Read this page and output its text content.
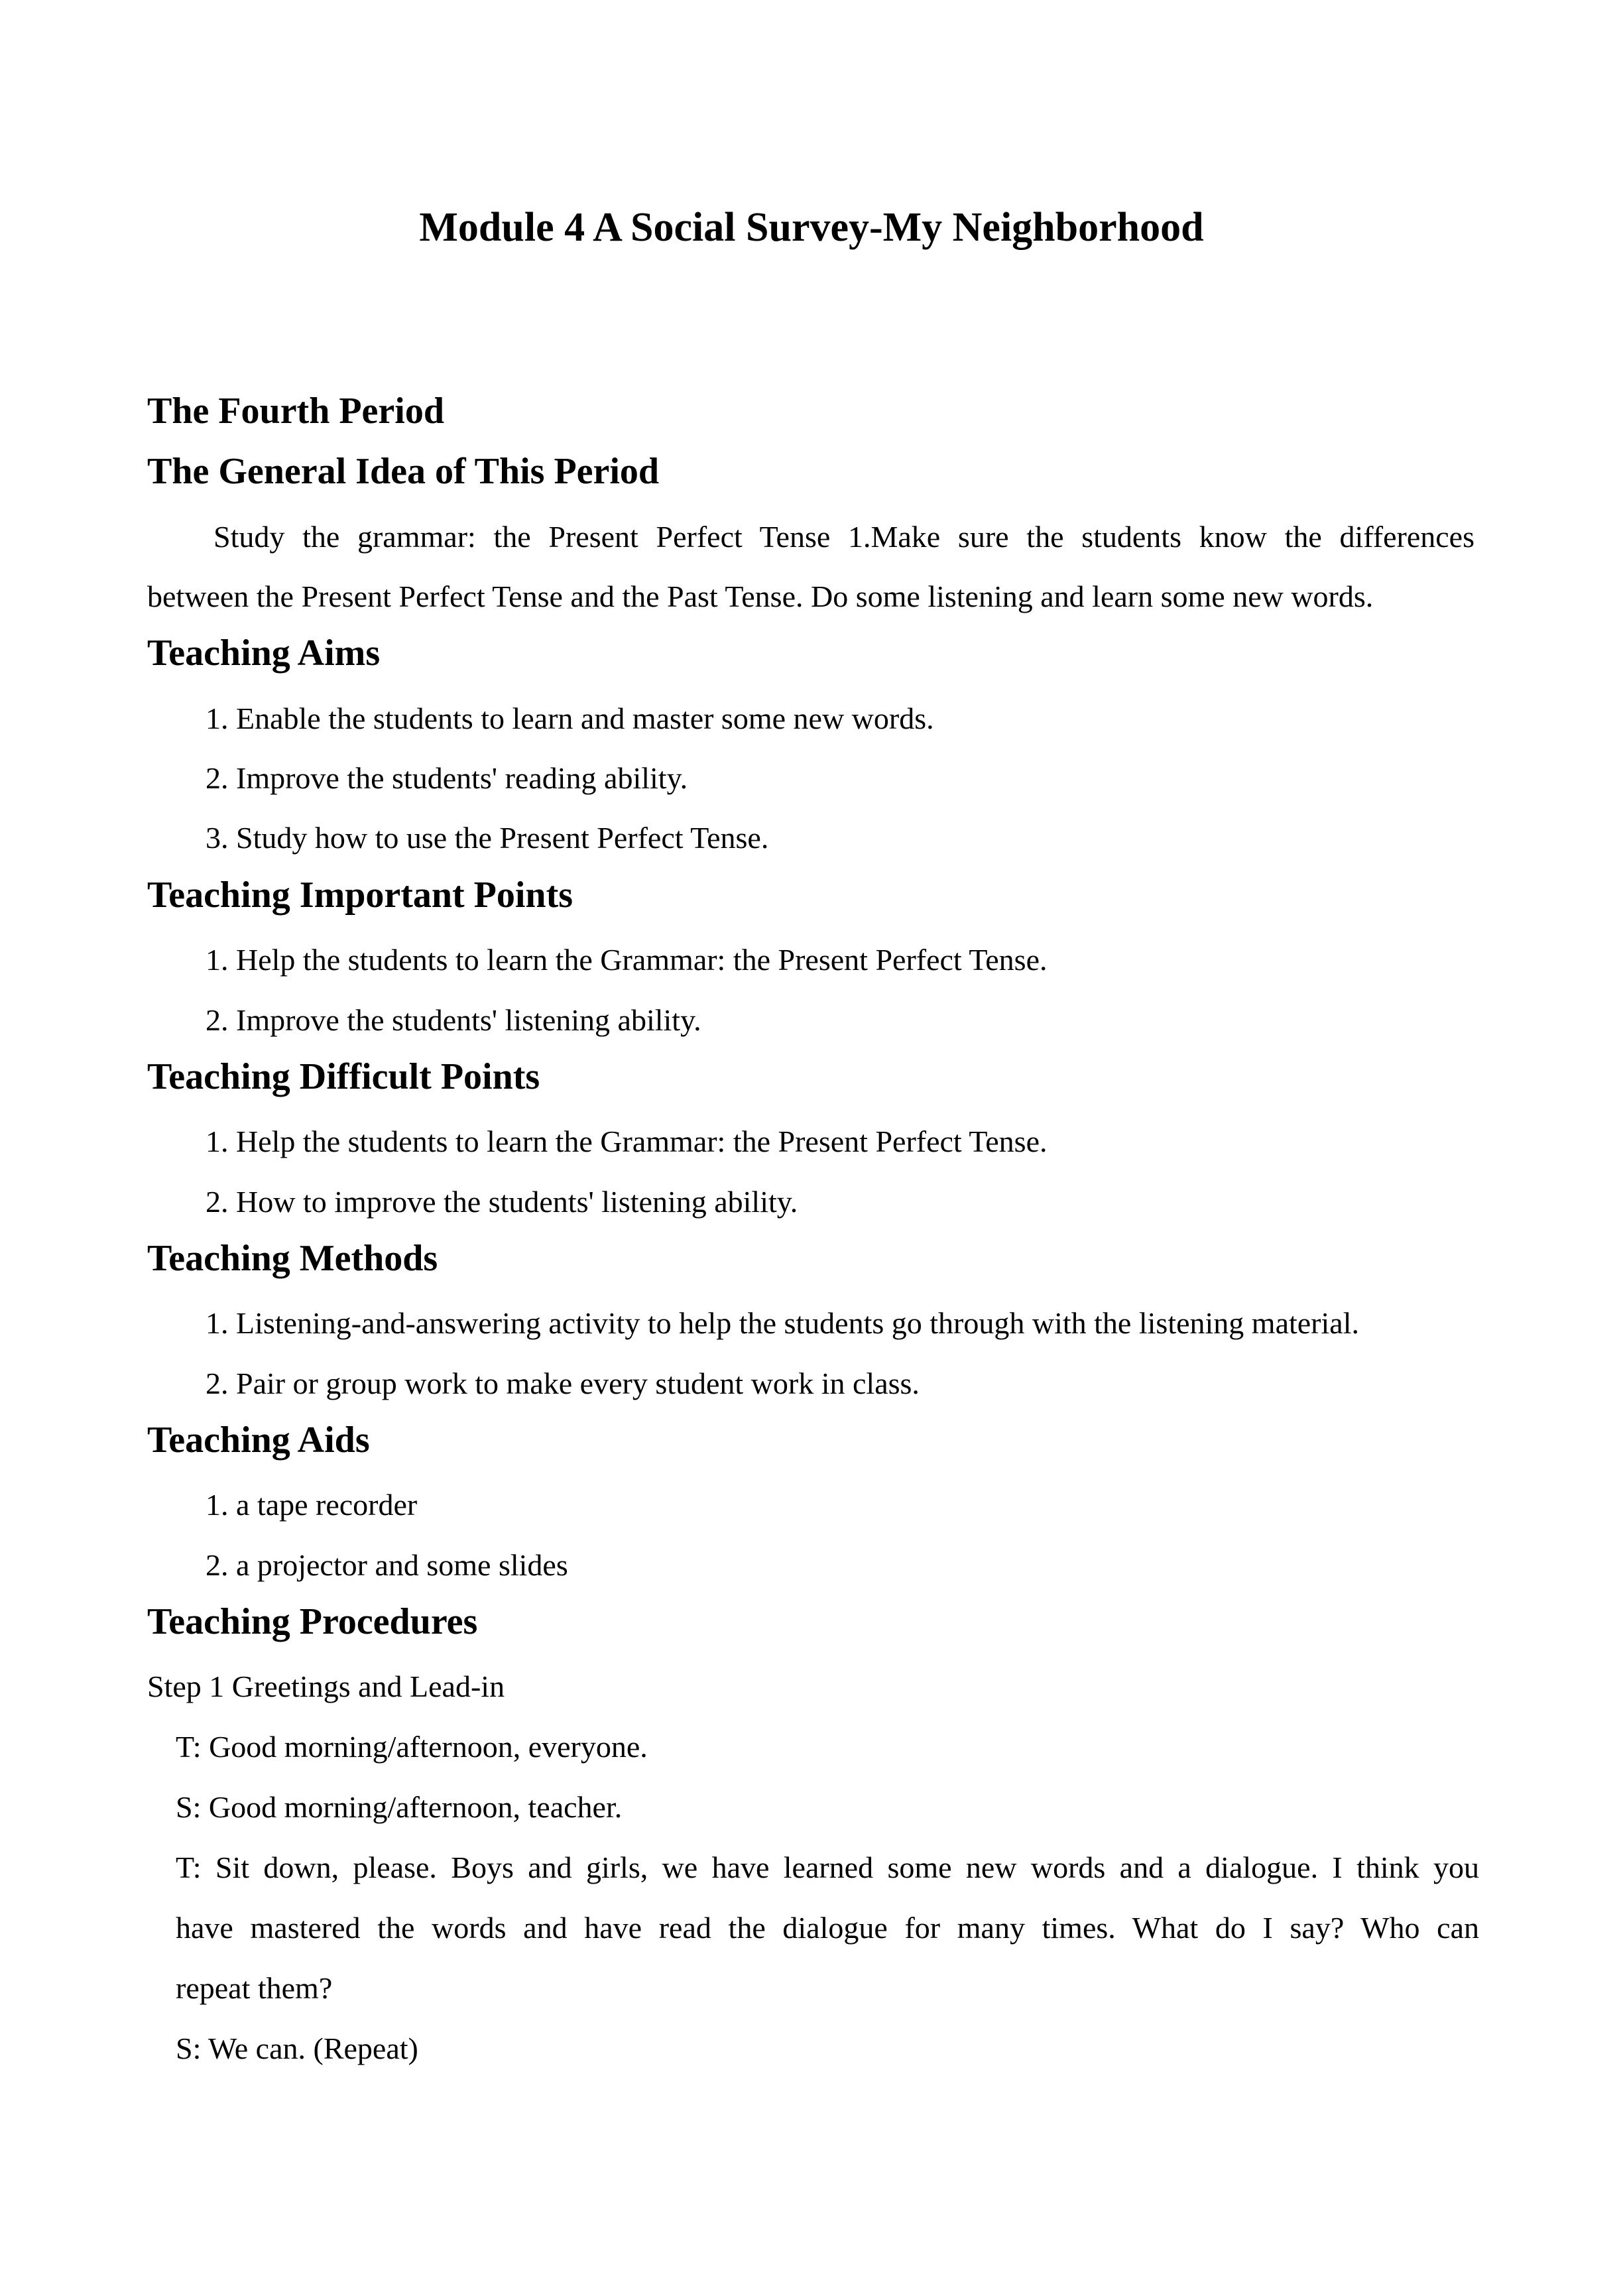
Module 4 A Social Survey-My Neighborhood
The Fourth Period
The General Idea of This Period
Study the grammar: the Present Perfect Tense 1.Make sure the students know the differences
between the Present Perfect Tense and the Past Tense. Do some listening and learn some new words.
Teaching Aims
1. Enable the students to learn and master some new words.
2. Improve the students' reading ability.
3. Study how to use the Present Perfect Tense.
Teaching Important Points
1. Help the students to learn the Grammar: the Present Perfect Tense.
2. Improve the students' listening ability.
Teaching Difficult Points
1. Help the students to learn the Grammar: the Present Perfect Tense.
2. How to improve the students' listening ability.
Teaching Methods
1. Listening-and-answering activity to help the students go through with the listening material.
2. Pair or group work to make every student work in class.
Teaching Aids
1. a tape recorder
2. a projector and some slides
Teaching Procedures
Step 1 Greetings and Lead-in
T: Good morning/afternoon, everyone.
S: Good morning/afternoon, teacher.
T: Sit down, please. Boys and girls, we have learned some new words and a dialogue. I think you
have mastered the words and have read the dialogue for many times. What do I say? Who can
repeat them?
S: We can. (Repeat)
